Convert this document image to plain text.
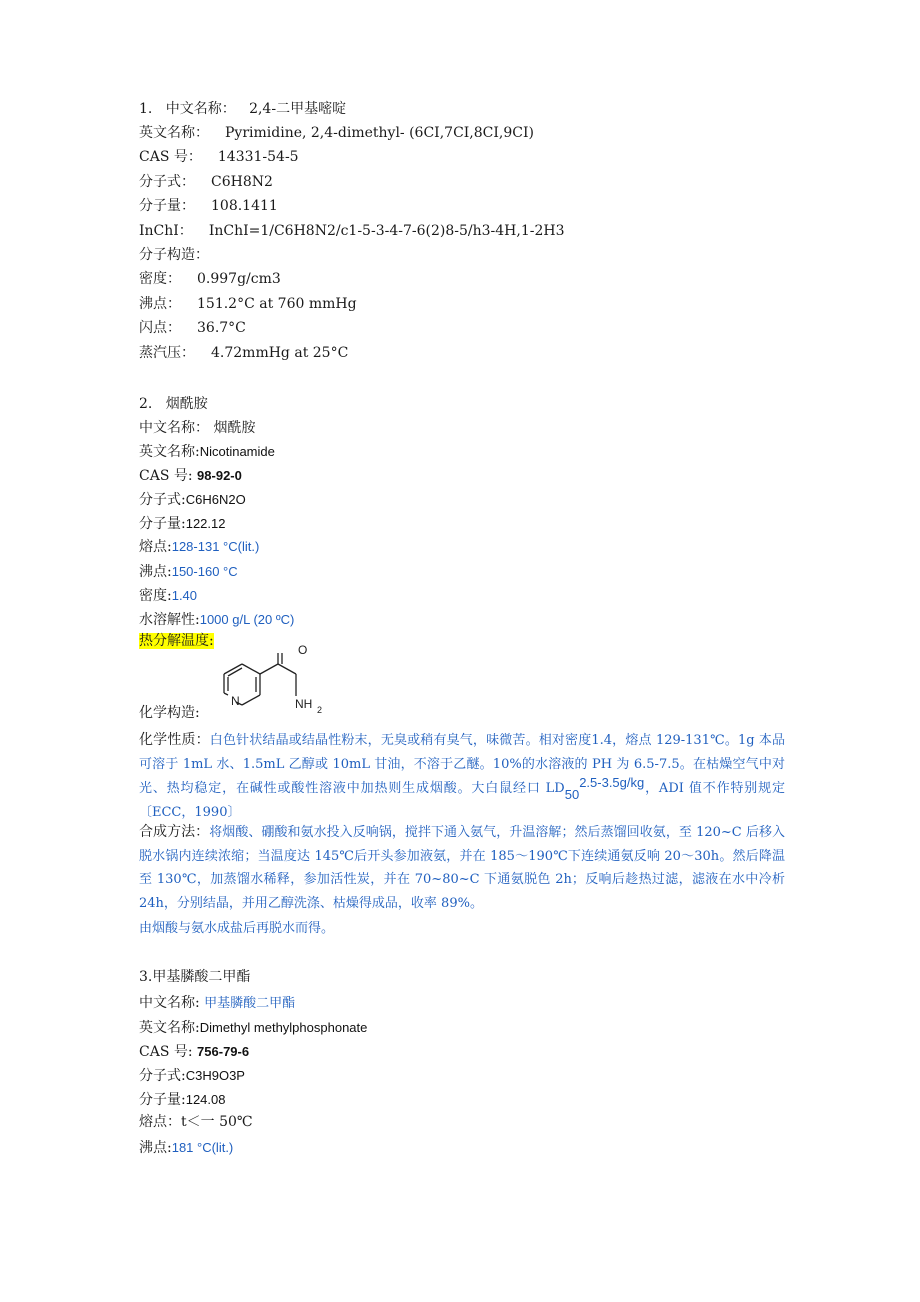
1. 中文名称： 2,4-二甲基嘧啶
英文名称： Pyrimidine, 2,4-dimethyl- (6CI,7CI,8CI,9CI)
CAS 号： 14331-54-5
分子式： C6H8N2
分子量： 108.1411
InChI： InChI=1/C6H8N2/c1-5-3-4-7-6(2)8-5/h3-4H,1-2H3
分子构造：
密度： 0.997g/cm3
沸点： 151.2°C at 760 mmHg
闪点： 36.7°C
蒸汽压： 4.72mmHg at 25°C
2. 烟酰胺
中文名称： 烟酰胺
英文名称:Nicotinamide
CAS 号: 98-92-0
分子式:C6H6N2O
分子量:122.12
熔点:128-131 °C(lit.)
沸点:150-160 °C
密度:1.40
水溶解性:1000 g/L (20 ºC)
热分解温度:
化学构造:
N
O
NH 2
化学性质：白色针状结晶或结晶性粉末，无臭或稍有臭气，味微苦。相对密度1.4，熔点 129-131℃。1g 本品可溶于 1mL 水、1.5mL 乙醇或 10mL 甘油，不溶于乙醚。10%的水溶液的 PH 为 6.5-7.5。在枯燥空气中对光、热均稳定，在碱性或酸性溶液中加热则生成烟酸。大白鼠经口 LD502.5-3.5g/kg，ADI 值不作特别规定〔ECC，1990〕
合成方法：将烟酸、硼酸和氨水投入反响锅，搅拌下通入氨气，升温溶解；然后蒸馏回收氨，至 120~C 后移入脱水锅内连续浓缩；当温度达 145℃后开头参加液氨，并在 185～190℃下连续通氨反响 20～30h。然后降温至 130℃，加蒸馏水稀释，参加活性炭，并在 70~80~C 下通氨脱色 2h；反响后趁热过滤，滤液在水中冷析 24h，分别结晶，并用乙醇洗涤、枯燥得成品，收率 89%。
由烟酸与氨水成盐后再脱水而得。
3.甲基膦酸二甲酯
中文名称: 甲基膦酸二甲酯
英文名称:Dimethyl methylphosphonate
CAS 号: 756-79-6
分子式:C3H9O3P
分子量:124.08
熔点：t＜一 50℃
沸点:181 °C(lit.)
